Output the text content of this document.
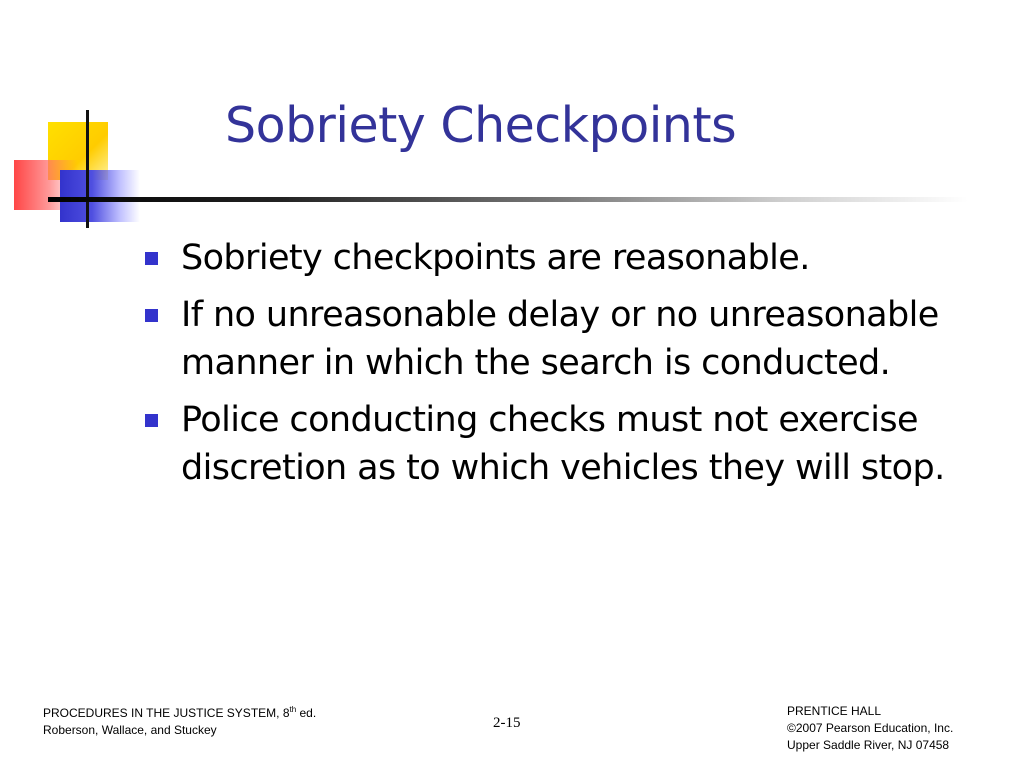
Sobriety Checkpoints
Sobriety checkpoints are reasonable.
If no unreasonable delay or no unreasonable manner in which the search is conducted.
Police conducting checks must not exercise discretion as to which vehicles they will stop.
PROCEDURES IN THE JUSTICE SYSTEM, 8th ed.
Roberson, Wallace, and Stuckey	2-15
PRENTICE HALL
©2007 Pearson Education, Inc.
Upper Saddle River, NJ 07458
